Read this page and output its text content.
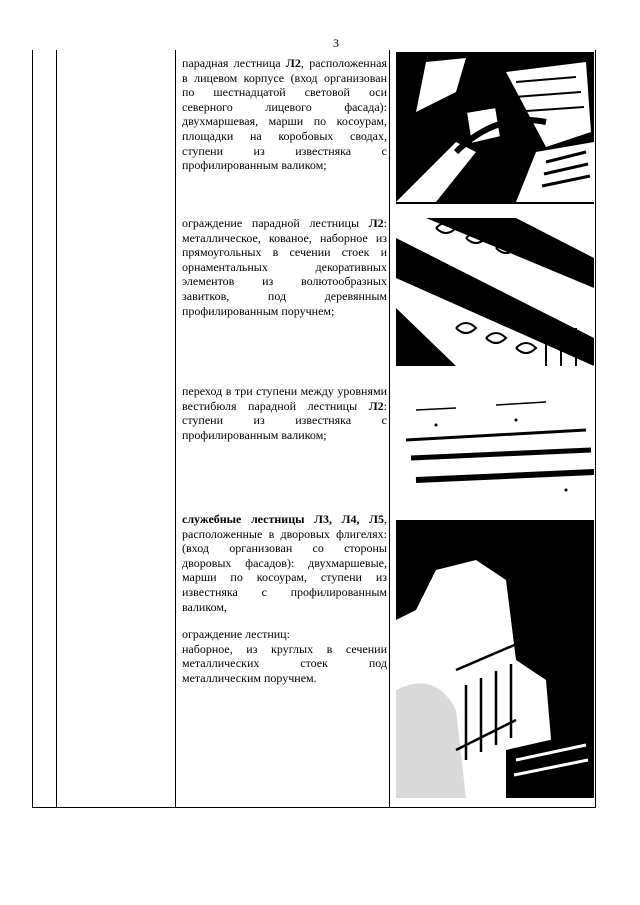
3

парадная лестница Л2, расположенная в лицевом корпусе (вход организован по шестнадцатой световой оси северного лицевого фасада): двухмаршевая, марши по косоурам, площадки на коробовых сводах, ступени из известняка с профилированным валиком;

ограждение парадной лестницы Л2: металлическое, кованое, наборное из прямоугольных в сечении стоек и орнаментальных декоративных элементов из волютообразных завитков, под деревянным профилированным поручнем;

переход в три ступени между уровнями вестибюля парадной лестницы Л2: ступени из известняка с профилированным валиком;

служебные лестницы Л3, Л4, Л5, расположенные в дворовых флигелях: (вход организован со стороны дворовых фасадов): двухмаршевые, марши по косоурам, ступени из известняка с профилированным валиком,

ограждение лестниц:

наборное, из круглых в сечении металлических стоек под металлическим поручнем.
